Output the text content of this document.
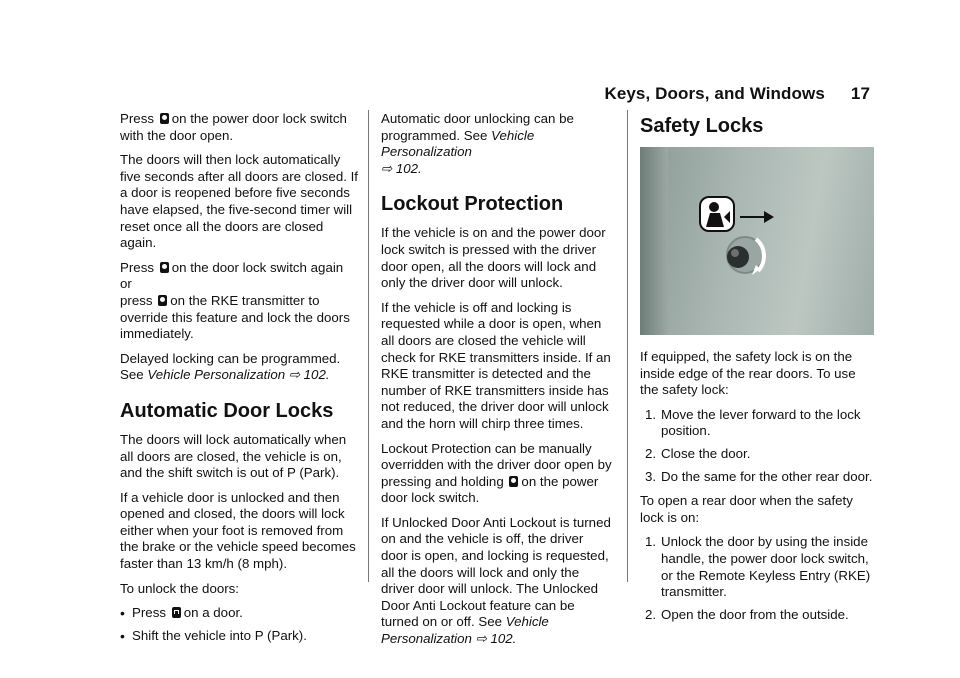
Keys, Doors, and Windows 17

Press on the power door lock switch with the door open.

The doors will then lock automatically five seconds after all doors are closed. If a door is reopened before five seconds have elapsed, the five-second timer will reset once all the doors are closed again.

Press on the door lock switch again or
press on the RKE transmitter to override this feature and lock the doors immediately.

Delayed locking can be programmed. See Vehicle Personalization ⇨ 102.

Automatic Door Locks

The doors will lock automatically when all doors are closed, the vehicle is on, and the shift switch is out of P (Park).

If a vehicle door is unlocked and then opened and closed, the doors will lock either when your foot is removed from the brake or the vehicle speed becomes faster than 13 km/h (8 mph).

To unlock the doors:

• Press on a door.
• Shift the vehicle into P (Park).

Automatic door unlocking can be programmed. See Vehicle Personalization
⇨ 102.

Lockout Protection

If the vehicle is on and the power door lock switch is pressed with the driver door open, all the doors will lock and only the driver door will unlock.

If the vehicle is off and locking is requested while a door is open, when all doors are closed the vehicle will check for RKE transmitters inside. If an RKE transmitter is detected and the number of RKE transmitters inside has not reduced, the driver door will unlock and the horn will chirp three times.

Lockout Protection can be manually overridden with the driver door open by pressing and holding on the power door lock switch.

If Unlocked Door Anti Lockout is turned on and the vehicle is off, the driver door is open, and locking is requested, all the doors will lock and only the driver door will unlock. The Unlocked Door Anti Lockout feature can be turned on or off. See Vehicle Personalization ⇨ 102.

Safety Locks

If equipped, the safety lock is on the inside edge of the rear doors. To use the safety lock:

1. Move the lever forward to the lock position.
2. Close the door.
3. Do the same for the other rear door.

To open a rear door when the safety lock is on:

1. Unlock the door by using the inside handle, the power door lock switch, or the Remote Keyless Entry (RKE) transmitter.
2. Open the door from the outside.
